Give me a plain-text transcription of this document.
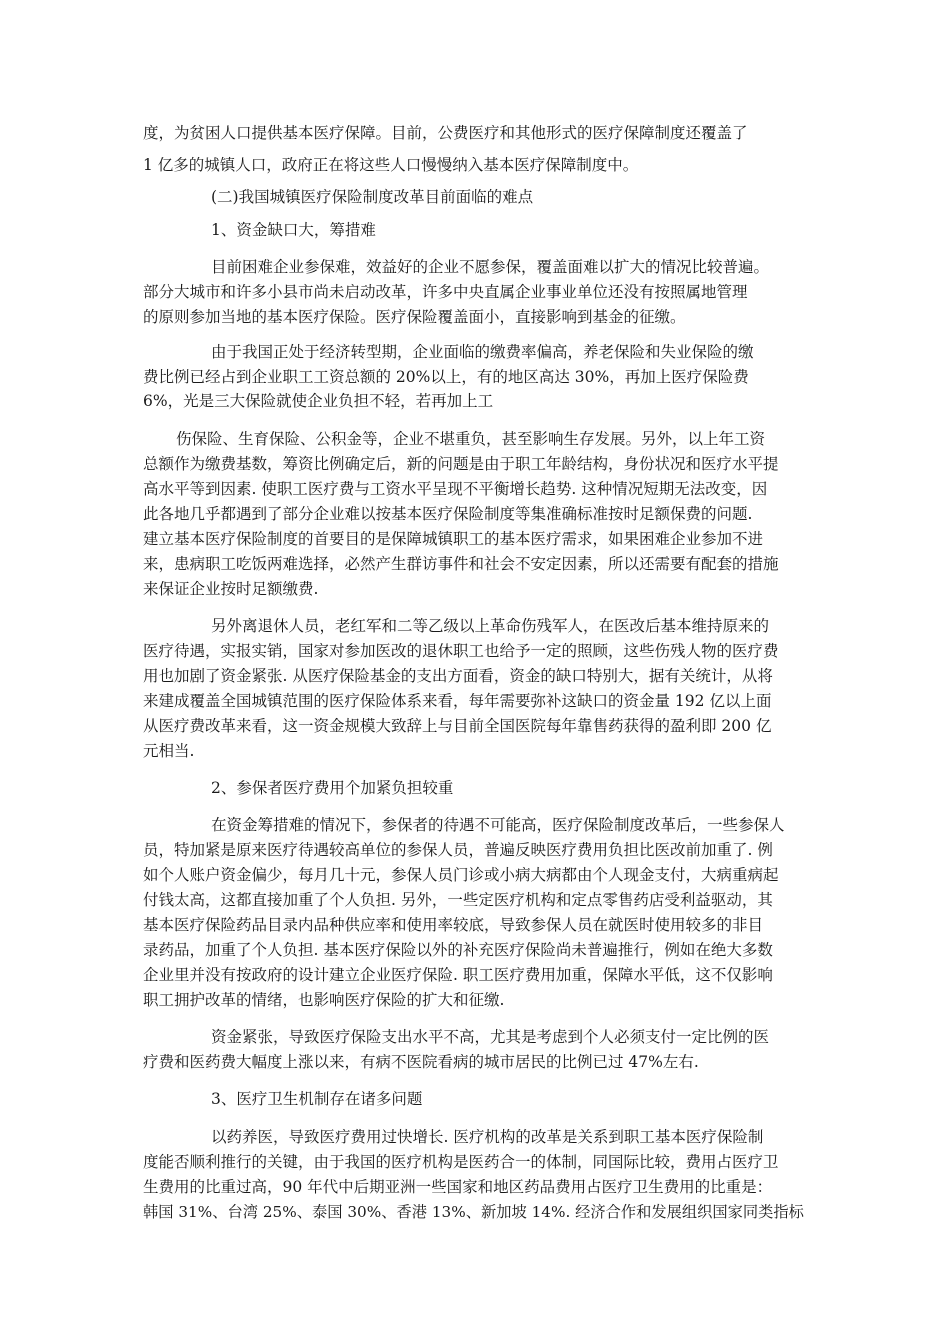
度，为贫困人口提供基本医疗保障。目前，公费医疗和其他形式的医疗保障制度还覆盖了
1 亿多的城镇人口，政府正在将这些人口慢慢纳入基本医疗保障制度中。
(二)我国城镇医疗保险制度改革目前面临的难点
1、资金缺口大，筹措难
目前困难企业参保难，效益好的企业不愿参保，覆盖面难以扩大的情况比较普遍。
部分大城市和许多小县市尚未启动改革，许多中央直属企业事业单位还没有按照属地管理
的原则参加当地的基本医疗保险。医疗保险覆盖面小，直接影响到基金的征缴。
由于我国正处于经济转型期，企业面临的缴费率偏高，养老保险和失业保险的缴
费比例已经占到企业职工工资总额的 20%以上，有的地区高达 30%，再加上医疗保险费
6%，光是三大保险就使企业负担不轻，若再加上工
伤保险、生育保险、公积金等，企业不堪重负，甚至影响生存发展。另外，以上年工资
总额作为缴费基数，筹资比例确定后，新的问题是由于职工年龄结构，身份状况和医疗水平提
高水平等到因素. 使职工医疗费与工资水平呈现不平衡增长趋势. 这种情况短期无法改变，因
此各地几乎都遇到了部分企业难以按基本医疗保险制度等集准确标准按时足额保费的问题.
建立基本医疗保险制度的首要目的是保障城镇职工的基本医疗需求，如果困难企业参加不进
来，患病职工吃饭两难选择，必然产生群访事件和社会不安定因素，所以还需要有配套的措施
来保证企业按时足额缴费.
另外离退休人员，老红军和二等乙级以上革命伤残军人，在医改后基本维持原来的
医疗待遇，实报实销，国家对参加医改的退休职工也给予一定的照顾，这些伤残人物的医疗费
用也加剧了资金紧张. 从医疗保险基金的支出方面看，资金的缺口特别大，据有关统计，从将
来建成覆盖全国城镇范围的医疗保险体系来看，每年需要弥补这缺口的资金量 192 亿以上面
从医疗费改革来看，这一资金规模大致辞上与目前全国医院每年靠售药获得的盈利即 200 亿
元相当.
2、参保者医疗费用个加紧负担较重
在资金筹措难的情况下，参保者的待遇不可能高，医疗保险制度改革后，一些参保人
员，特加紧是原来医疗待遇较高单位的参保人员，普遍反映医疗费用负担比医改前加重了. 例
如个人账户资金偏少，每月几十元，参保人员门诊或小病大病都由个人现金支付，大病重病起
付钱太高，这都直接加重了个人负担. 另外，一些定医疗机构和定点零售药店受利益驱动，其
基本医疗保险药品目录内品种供应率和使用率较底，导致参保人员在就医时使用较多的非目
录药品，加重了个人负担. 基本医疗保险以外的补充医疗保险尚未普遍推行，例如在绝大多数
企业里并没有按政府的设计建立企业医疗保险. 职工医疗费用加重，保障水平低，这不仅影响
职工拥护改革的情绪，也影响医疗保险的扩大和征缴.
资金紧张，导致医疗保险支出水平不高，尤其是考虑到个人必须支付一定比例的医
疗费和医药费大幅度上涨以来，有病不医院看病的城市居民的比例已过 47%左右.
3、医疗卫生机制存在诸多问题
以药养医，导致医疗费用过快增长. 医疗机构的改革是关系到职工基本医疗保险制
度能否顺利推行的关键，由于我国的医疗机构是医药合一的体制，同国际比较，费用占医疗卫
生费用的比重过高，90 年代中后期亚洲一些国家和地区药品费用占医疗卫生费用的比重是：
韩国 31%、台湾 25%、泰国 30%、香港 13%、新加坡 14%. 经济合作和发展组织国家同类指标
